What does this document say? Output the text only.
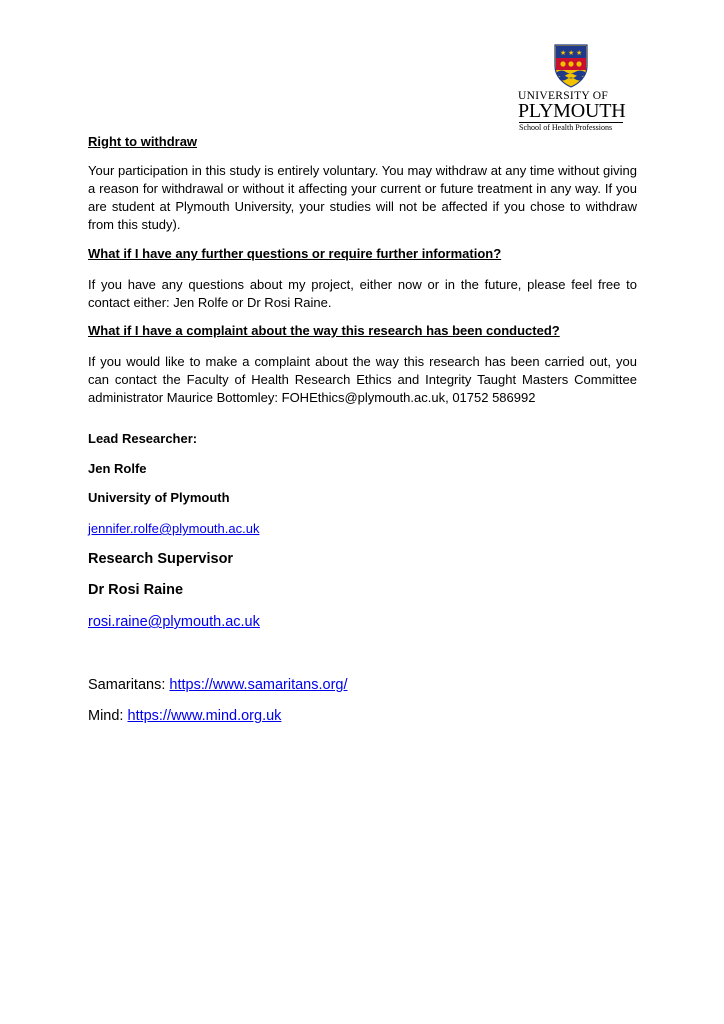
★ ★ ★
UNIVERSITY OF
PLYMOUTH
School of Health Professions
Right to withdraw
Your participation in this study is entirely voluntary. You may withdraw at any time without giving a reason for withdrawal or without it affecting your current or future treatment in any way. If you are student at Plymouth University, your studies will not be affected if you chose to withdraw from this study).
What if I have any further questions or require further information?
If you have any questions about my project, either now or in the future, please feel free to contact either: Jen Rolfe or Dr Rosi Raine.
What if I have a complaint about the way this research has been conducted?
If you would like to make a complaint about the way this research has been carried out, you can contact the Faculty of Health Research Ethics and Integrity Taught Masters Committee administrator Maurice Bottomley: FOHEthics@plymouth.ac.uk, 01752 586992
Lead Researcher:
Jen Rolfe
University of Plymouth
jennifer.rolfe@plymouth.ac.uk
Research Supervisor
Dr Rosi Raine
rosi.raine@plymouth.ac.uk
Samaritans: https://www.samaritans.org/
Mind: https://www.mind.org.uk
